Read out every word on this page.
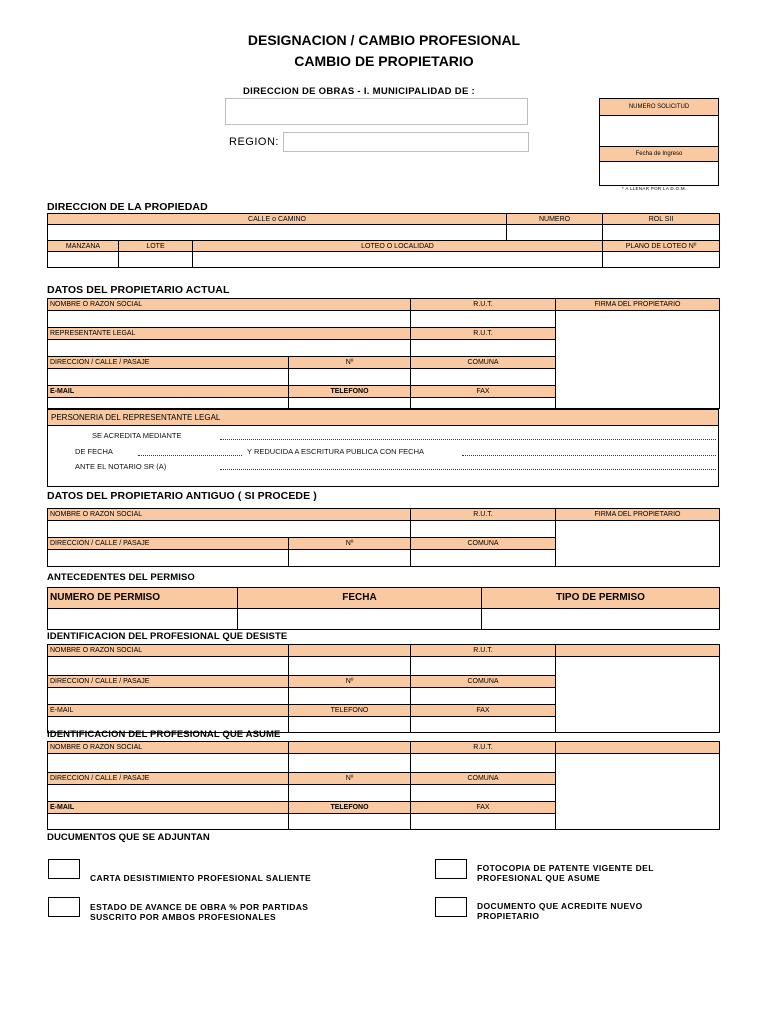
DESIGNACION / CAMBIO PROFESIONAL
CAMBIO DE PROPIETARIO
DIRECCION DE OBRAS - I. MUNICIPALIDAD DE :
REGION:
NUMERO SOLICITUD

Fecha de Ingreso

* A LLENAR POR LA D.O.M.
DIRECCION DE LA PROPIEDAD
CALLE o CAMINO			NUMERO	ROL SII

MANZANA	LOTE	LOTEO O LOCALIDAD		PLANO DE LOTEO Nº

DATOS DEL PROPIETARIO ACTUAL
NOMBRE O RAZON SOCIAL		R.U.T.	FIRMA DEL PROPIETARIO

REPRESENTANTE LEGAL		R.U.T.	

DIRECCION / CALLE / PASAJE	Nº	COMUNA	

E-MAIL	TELEFONO	FAX	

PERSONERIA DEL REPRESENTANTE LEGAL
SE ACREDITA MEDIANTE
DE FECHA	Y REDUCIDA A ESCRITURA PUBLICA CON FECHA
ANTE EL NOTARIO SR (A)
DATOS DEL PROPIETARIO ANTIGUO ( SI PROCEDE )
NOMBRE O RAZON SOCIAL		R.U.T.	FIRMA DEL PROPIETARIO

DIRECCION / CALLE / PASAJE	Nº	COMUNA	

ANTECEDENTES DEL PERMISO
NUMERO DE PERMISO	FECHA	TIPO DE PERMISO

IDENTIFICACION DEL PROFESIONAL QUE DESISTE
NOMBRE O RAZON SOCIAL		R.U.T.	

DIRECCION / CALLE / PASAJE	Nº	COMUNA	

E-MAIL	TELEFONO	FAX	

IDENTIFICACION DEL PROFESIONAL QUE ASUME
NOMBRE O RAZON SOCIAL		R.U.T.	

DIRECCION / CALLE / PASAJE	Nº	COMUNA	

E-MAIL	TELEFONO	FAX	

DUCUMENTOS QUE SE ADJUNTAN
CARTA DESISTIMIENTO PROFESIONAL SALIENTE
ESTADO DE AVANCE DE OBRA % POR PARTIDAS
SUSCRITO POR AMBOS PROFESIONALES
FOTOCOPIA DE PATENTE VIGENTE DEL
PROFESIONAL QUE ASUME
DOCUMENTO QUE ACREDITE NUEVO
PROPIETARIO
